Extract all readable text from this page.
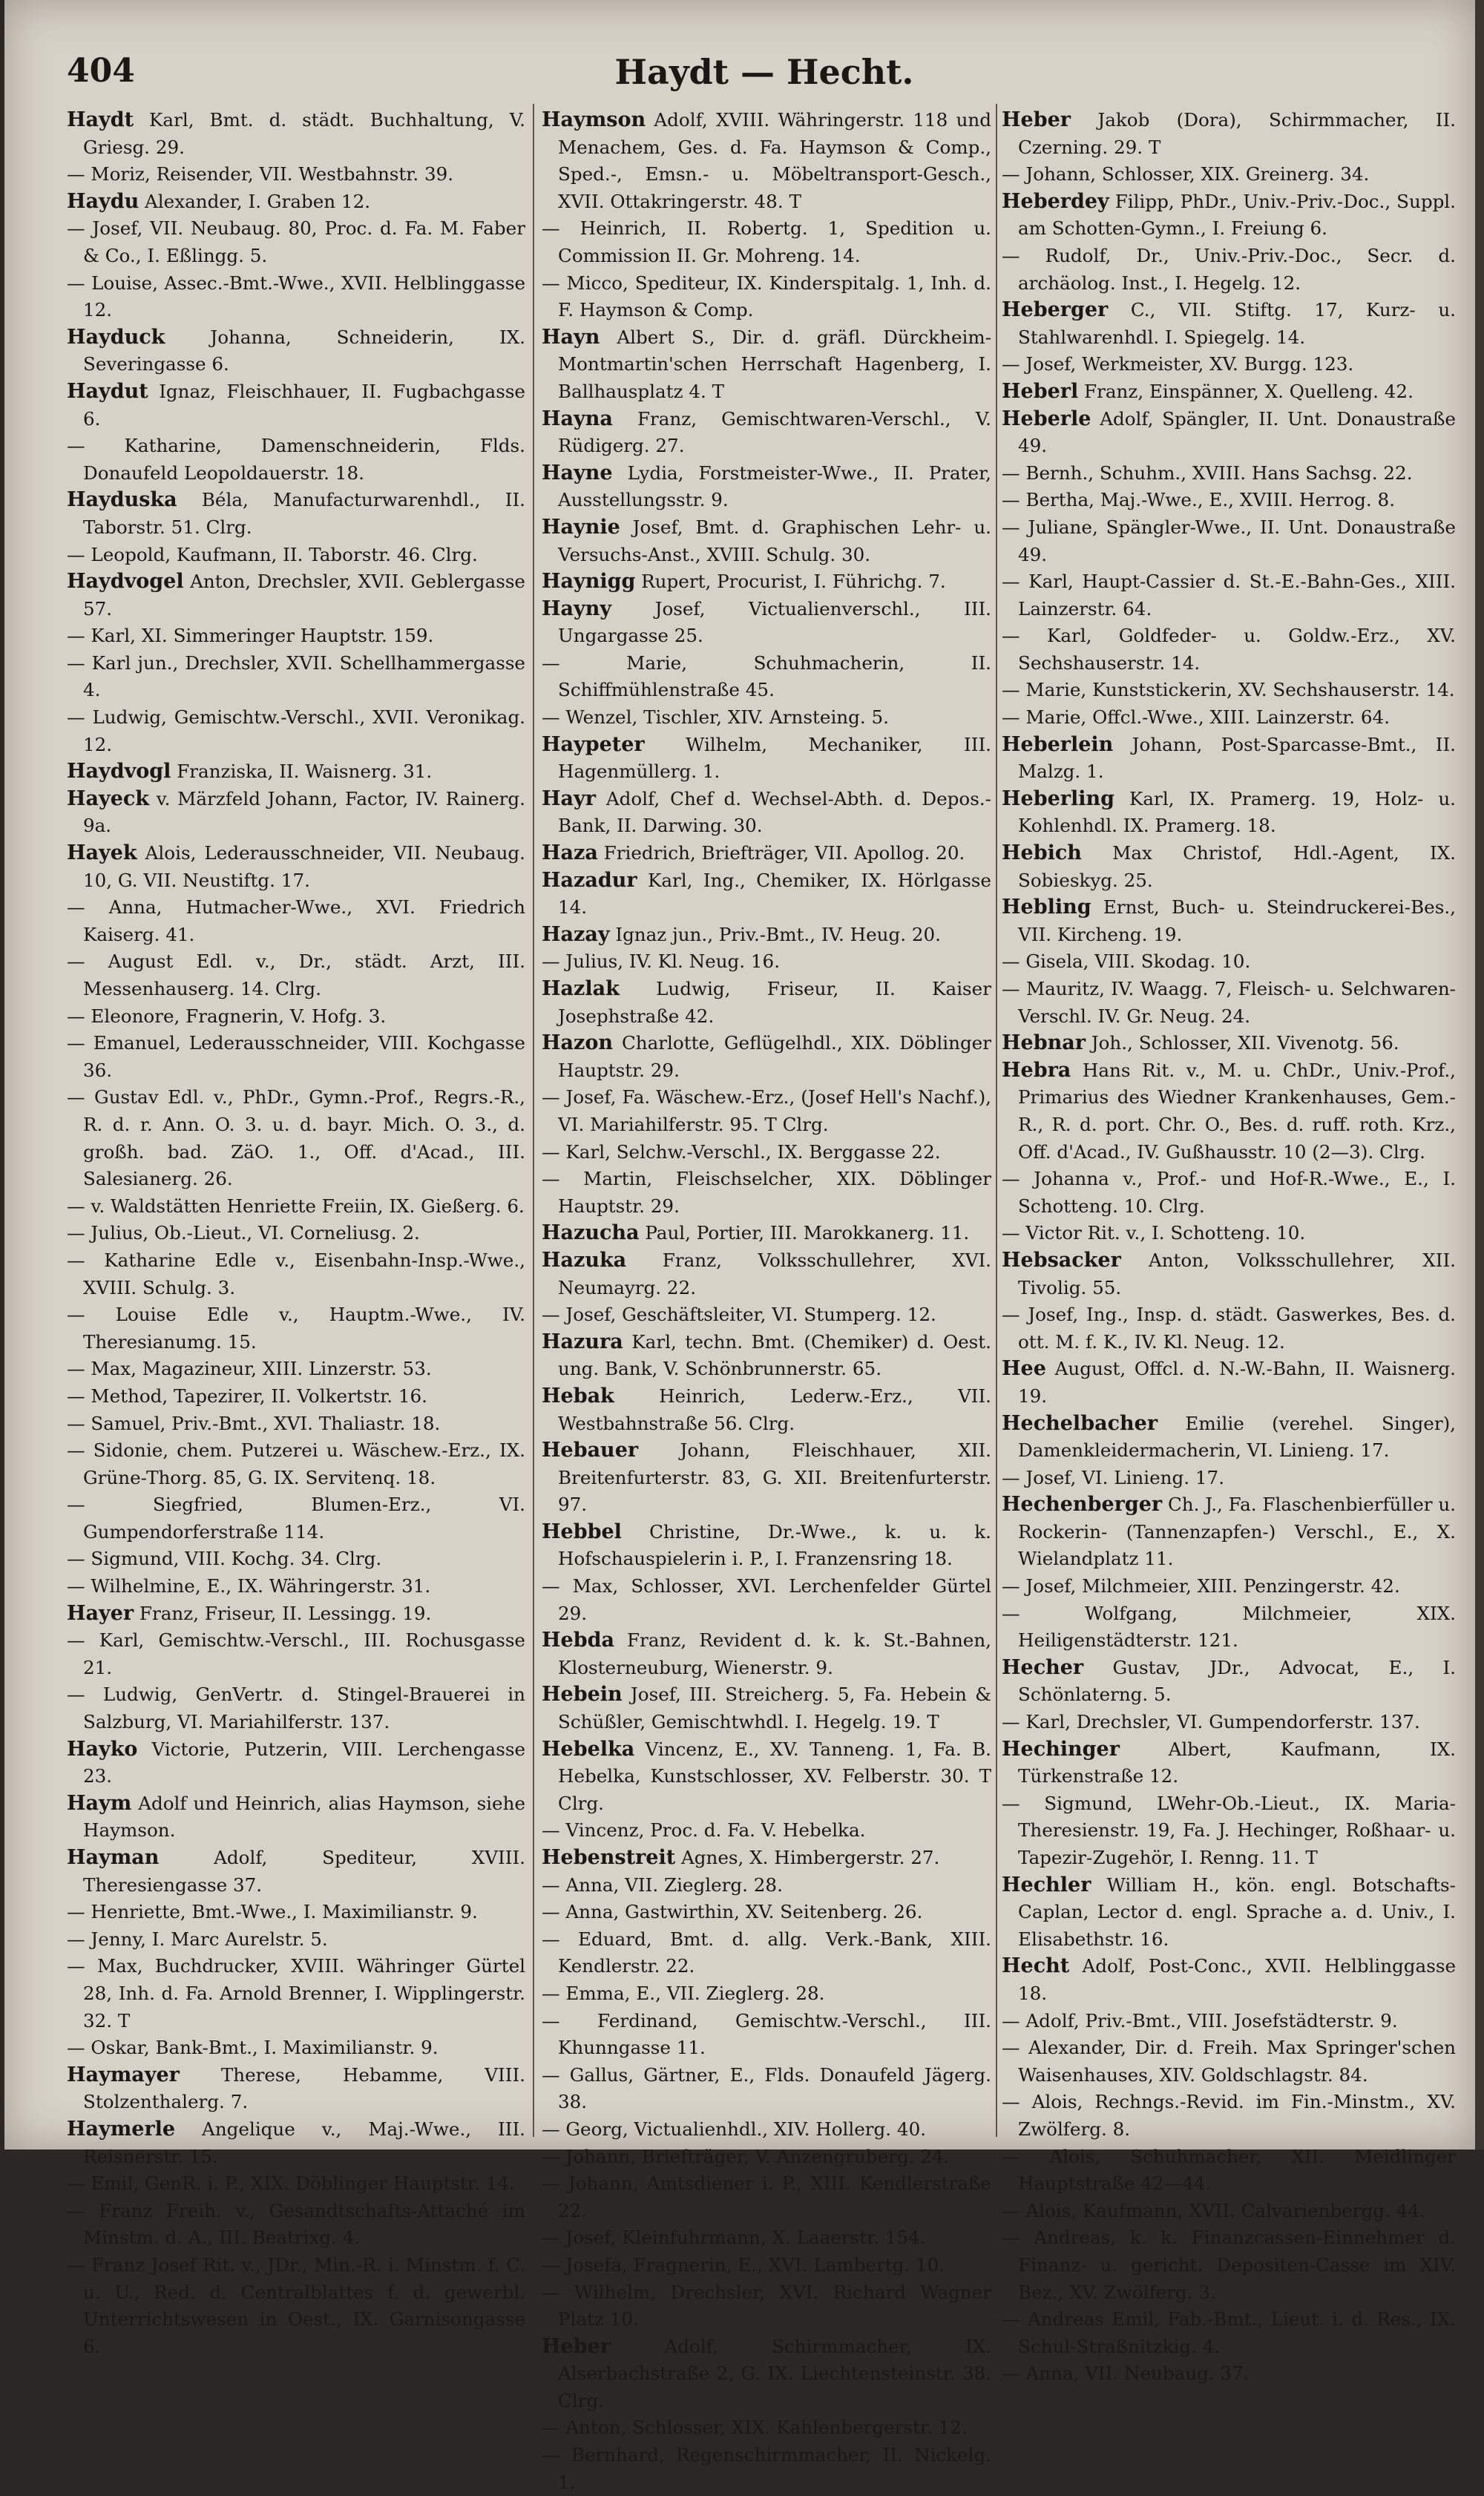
404	Haydt — Hecht.

Haydt Karl, Bmt. d. städt. Buchhaltung, V. Griesg. 29.

— Moriz, Reisender, VII. Westbahnstr. 39.

Haydu Alexander, I. Graben 12.

— Josef, VII. Neubaug. 80, Proc. d. Fa. M. Faber & Co., I. Eßlingg. 5.

— Louise, Assec.-Bmt.-Wwe., XVII. Helblinggasse 12.

Hayduck Johanna, Schneiderin, IX. Severingasse 6.

Haydut Ignaz, Fleischhauer, II. Fugbachgasse 6.

— Katharine, Damenschneiderin, Flds. Donaufeld Leopoldauerstr. 18.

Hayduska Béla, Manufacturwarenhdl., II. Taborstr. 51. Clrg.

— Leopold, Kaufmann, II. Taborstr. 46. Clrg.

Haydvogel Anton, Drechsler, XVII. Geblergasse 57.

— Karl, XI. Simmeringer Hauptstr. 159.

— Karl jun., Drechsler, XVII. Schellhammergasse 4.

— Ludwig, Gemischtw.-Verschl., XVII. Veronikag. 12.

Haydvogl Franziska, II. Waisnerg. 31.

Hayeck v. Märzfeld Johann, Factor, IV. Rainerg. 9a.

Hayek Alois, Lederausschneider, VII. Neubaug. 10, G. VII. Neustiftg. 17.

— Anna, Hutmacher-Wwe., XVI. Friedrich Kaiserg. 41.

— August Edl. v., Dr., städt. Arzt, III. Messenhauserg. 14. Clrg.

— Eleonore, Fragnerin, V. Hofg. 3.

— Emanuel, Lederausschneider, VIII. Kochgasse 36.

— Gustav Edl. v., PhDr., Gymn.-Prof., Regrs.-R., R. d. r. Ann. O. 3. u. d. bayr. Mich. O. 3., d. großh. bad. ZäO. 1., Off. d'Acad., III. Salesianerg. 26.

— v. Waldstätten Henriette Freiin, IX. Gießerg. 6.

— Julius, Ob.-Lieut., VI. Corneliusg. 2.

— Katharine Edle v., Eisenbahn-Insp.-Wwe., XVIII. Schulg. 3.

— Louise Edle v., Hauptm.-Wwe., IV. Theresianumg. 15.

— Max, Magazineur, XIII. Linzerstr. 53.

— Method, Tapezirer, II. Volkertstr. 16.

— Samuel, Priv.-Bmt., XVI. Thaliastr. 18.

— Sidonie, chem. Putzerei u. Wäschew.-Erz., IX. Grüne-Thorg. 85, G. IX. Servitenq. 18.

— Siegfried, Blumen-Erz., VI. Gumpendorferstraße 114.

— Sigmund, VIII. Kochg. 34. Clrg.

— Wilhelmine, E., IX. Währingerstr. 31.

Hayer Franz, Friseur, II. Lessingg. 19.

— Karl, Gemischtw.-Verschl., III. Rochusgasse 21.

— Ludwig, GenVertr. d. Stingel-Brauerei in Salzburg, VI. Mariahilferstr. 137.

Hayko Victorie, Putzerin, VIII. Lerchengasse 23.

Haym Adolf und Heinrich, alias Haymson, siehe Haymson.

Hayman Adolf, Spediteur, XVIII. Theresiengasse 37.

— Henriette, Bmt.-Wwe., I. Maximilianstr. 9.

— Jenny, I. Marc Aurelstr. 5.

— Max, Buchdrucker, XVIII. Währinger Gürtel 28, Inh. d. Fa. Arnold Brenner, I. Wipplingerstr. 32. T

— Oskar, Bank-Bmt., I. Maximilianstr. 9.

Haymayer Therese, Hebamme, VIII. Stolzenthalerg. 7.

Haymerle Angelique v., Maj.-Wwe., III. Reisnerstr. 15.

— Emil, GenR. i. P., XIX. Döblinger Hauptstr. 14.

— Franz Freih. v., Gesandtschafts-Attaché im Minstm. d. A., III. Beatrixg. 4.

— Franz Josef Rit. v., JDr., Min.-R. i. Minstm. f. C. u. U., Red. d. Centralblattes f. d. gewerbl. Unterrichtswesen in Oest., IX. Garnisongasse 6.

Haymson Adolf, XVIII. Währingerstr. 118 und Menachem, Ges. d. Fa. Haymson & Comp., Sped.-, Emsn.- u. Möbeltransport-Gesch., XVII. Ottakringerstr. 48. T

— Heinrich, II. Robertg. 1, Spedition u. Commission II. Gr. Mohreng. 14.

— Micco, Spediteur, IX. Kinderspitalg. 1, Inh. d. F. Haymson & Comp.

Hayn Albert S., Dir. d. gräfl. Dürckheim-Montmartin'schen Herrschaft Hagenberg, I. Ballhausplatz 4. T

Hayna Franz, Gemischtwaren-Verschl., V. Rüdigerg. 27.

Hayne Lydia, Forstmeister-Wwe., II. Prater, Ausstellungsstr. 9.

Haynie Josef, Bmt. d. Graphischen Lehr- u. Versuchs-Anst., XVIII. Schulg. 30.

Haynigg Rupert, Procurist, I. Führichg. 7.

Hayny Josef, Victualienverschl., III. Ungargasse 25.

— Marie, Schuhmacherin, II. Schiffmühlenstraße 45.

— Wenzel, Tischler, XIV. Arnsteing. 5.

Haypeter Wilhelm, Mechaniker, III. Hagenmüllerg. 1.

Hayr Adolf, Chef d. Wechsel-Abth. d. Depos.-Bank, II. Darwing. 30.

Haza Friedrich, Briefträger, VII. Apollog. 20.

Hazadur Karl, Ing., Chemiker, IX. Hörlgasse 14.

Hazay Ignaz jun., Priv.-Bmt., IV. Heug. 20.

— Julius, IV. Kl. Neug. 16.

Hazlak Ludwig, Friseur, II. Kaiser Josephstraße 42.

Hazon Charlotte, Geflügelhdl., XIX. Döblinger Hauptstr. 29.

— Josef, Fa. Wäschew.-Erz., (Josef Hell's Nachf.), VI. Mariahilferstr. 95. T Clrg.

— Karl, Selchw.-Verschl., IX. Berggasse 22.

— Martin, Fleischselcher, XIX. Döblinger Hauptstr. 29.

Hazucha Paul, Portier, III. Marokkanerg. 11.

Hazuka Franz, Volksschullehrer, XVI. Neumayrg. 22.

— Josef, Geschäftsleiter, VI. Stumperg. 12.

Hazura Karl, techn. Bmt. (Chemiker) d. Oest. ung. Bank, V. Schönbrunnerstr. 65.

Hebak Heinrich, Lederw.-Erz., VII. Westbahnstraße 56. Clrg.

Hebauer Johann, Fleischhauer, XII. Breitenfurterstr. 83, G. XII. Breitenfurterstr. 97.

Hebbel Christine, Dr.-Wwe., k. u. k. Hofschauspielerin i. P., I. Franzensring 18.

— Max, Schlosser, XVI. Lerchenfelder Gürtel 29.

Hebda Franz, Revident d. k. k. St.-Bahnen, Klosterneuburg, Wienerstr. 9.

Hebein Josef, III. Streicherg. 5, Fa. Hebein & Schüßler, Gemischtwhdl. I. Hegelg. 19. T

Hebelka Vincenz, E., XV. Tanneng. 1, Fa. B. Hebelka, Kunstschlosser, XV. Felberstr. 30. T Clrg.

— Vincenz, Proc. d. Fa. V. Hebelka.

Hebenstreit Agnes, X. Himbergerstr. 27.

— Anna, VII. Zieglerg. 28.

— Anna, Gastwirthin, XV. Seitenberg. 26.

— Eduard, Bmt. d. allg. Verk.-Bank, XIII. Kendlerstr. 22.

— Emma, E., VII. Zieglerg. 28.

— Ferdinand, Gemischtw.-Verschl., III. Khunngasse 11.

— Gallus, Gärtner, E., Flds. Donaufeld Jägerg. 38.

— Georg, Victualienhdl., XIV. Hollerg. 40.

— Johann, Briefträger, V. Anzengruberg. 24.

— Johann, Amtsdiener i. P., XIII. Kendlerstraße 22.

— Josef, Kleinfuhrmann, X. Laaerstr. 154.

— Josefa, Fragnerin, E., XVI. Lambertg. 10.

— Wilhelm, Drechsler, XVI. Richard Wagner Platz 10.

Heber Adolf, Schirmmacher, IX. Alserbachstraße 2, G. IX. Liechtensteinstr. 38. Clrg.

— Anton, Schlosser, XIX. Kahlenbergerstr. 12.

— Bernhard, Regenschirmmacher, II. Nickelg. 1.

Heber Jakob (Dora), Schirmmacher, II. Czerning. 29. T

— Johann, Schlosser, XIX. Greinerg. 34.

Heberdey Filipp, PhDr., Univ.-Priv.-Doc., Suppl. am Schotten-Gymn., I. Freiung 6.

— Rudolf, Dr., Univ.-Priv.-Doc., Secr. d. archäolog. Inst., I. Hegelg. 12.

Heberger C., VII. Stiftg. 17, Kurz- u. Stahlwarenhdl. I. Spiegelg. 14.

— Josef, Werkmeister, XV. Burgg. 123.

Heberl Franz, Einspänner, X. Quelleng. 42.

Heberle Adolf, Spängler, II. Unt. Donaustraße 49.

— Bernh., Schuhm., XVIII. Hans Sachsg. 22.

— Bertha, Maj.-Wwe., E., XVIII. Herrog. 8.

— Juliane, Spängler-Wwe., II. Unt. Donaustraße 49.

— Karl, Haupt-Cassier d. St.-E.-Bahn-Ges., XIII. Lainzerstr. 64.

— Karl, Goldfeder- u. Goldw.-Erz., XV. Sechshauserstr. 14.

— Marie, Kunststickerin, XV. Sechshauserstr. 14.

— Marie, Offcl.-Wwe., XIII. Lainzerstr. 64.

Heberlein Johann, Post-Sparcasse-Bmt., II. Malzg. 1.

Heberling Karl, IX. Pramerg. 19, Holz- u. Kohlenhdl. IX. Pramerg. 18.

Hebich Max Christof, Hdl.-Agent, IX. Sobieskyg. 25.

Hebling Ernst, Buch- u. Steindruckerei-Bes., VII. Kircheng. 19.

— Gisela, VIII. Skodag. 10.

— Mauritz, IV. Waagg. 7, Fleisch- u. Selchwaren-Verschl. IV. Gr. Neug. 24.

Hebnar Joh., Schlosser, XII. Vivenotg. 56.

Hebra Hans Rit. v., M. u. ChDr., Univ.-Prof., Primarius des Wiedner Krankenhauses, Gem.-R., R. d. port. Chr. O., Bes. d. ruff. roth. Krz., Off. d'Acad., IV. Gußhausstr. 10 (2—3). Clrg.

— Johanna v., Prof.- und Hof-R.-Wwe., E., I. Schotteng. 10. Clrg.

— Victor Rit. v., I. Schotteng. 10.

Hebsacker Anton, Volksschullehrer, XII. Tivolig. 55.

— Josef, Ing., Insp. d. städt. Gaswerkes, Bes. d. ott. M. f. K., IV. Kl. Neug. 12.

Hee August, Offcl. d. N.-W.-Bahn, II. Waisnerg. 19.

Hechelbacher Emilie (verehel. Singer), Damenkleidermacherin, VI. Linieng. 17.

— Josef, VI. Linieng. 17.

Hechenberger Ch. J., Fa. Flaschenbierfüller u. Rockerin- (Tannenzapfen-) Verschl., E., X. Wielandplatz 11.

— Josef, Milchmeier, XIII. Penzingerstr. 42.

— Wolfgang, Milchmeier, XIX. Heiligenstädterstr. 121.

Hecher Gustav, JDr., Advocat, E., I. Schönlaterng. 5.

— Karl, Drechsler, VI. Gumpendorferstr. 137.

Hechinger Albert, Kaufmann, IX. Türkenstraße 12.

— Sigmund, LWehr-Ob.-Lieut., IX. Maria-Theresienstr. 19, Fa. J. Hechinger, Roßhaar- u. Tapezir-Zugehör, I. Renng. 11. T

Hechler William H., kön. engl. Botschafts-Caplan, Lector d. engl. Sprache a. d. Univ., I. Elisabethstr. 16.

Hecht Adolf, Post-Conc., XVII. Helblinggasse 18.

— Adolf, Priv.-Bmt., VIII. Josefstädterstr. 9.

— Alexander, Dir. d. Freih. Max Springer'schen Waisenhauses, XIV. Goldschlagstr. 84.

— Alois, Rechngs.-Revid. im Fin.-Minstm., XV. Zwölferg. 8.

— Alois, Schuhmacher, XII. Meidlinger Hauptstraße 42—44.

— Alois, Kaufmann, XVII. Calvarienbergg. 44.

— Andreas, k. k. Finanzcassen-Einnehmer d. Finanz- u. gericht. Depositen-Casse im XIV. Bez., XV. Zwölferg. 3.

— Andreas Emil, Fab.-Bmt., Lieut. i. d. Res., IX. Schul-Straßnitzkig. 4.

— Anna, VII. Neubaug. 37.
